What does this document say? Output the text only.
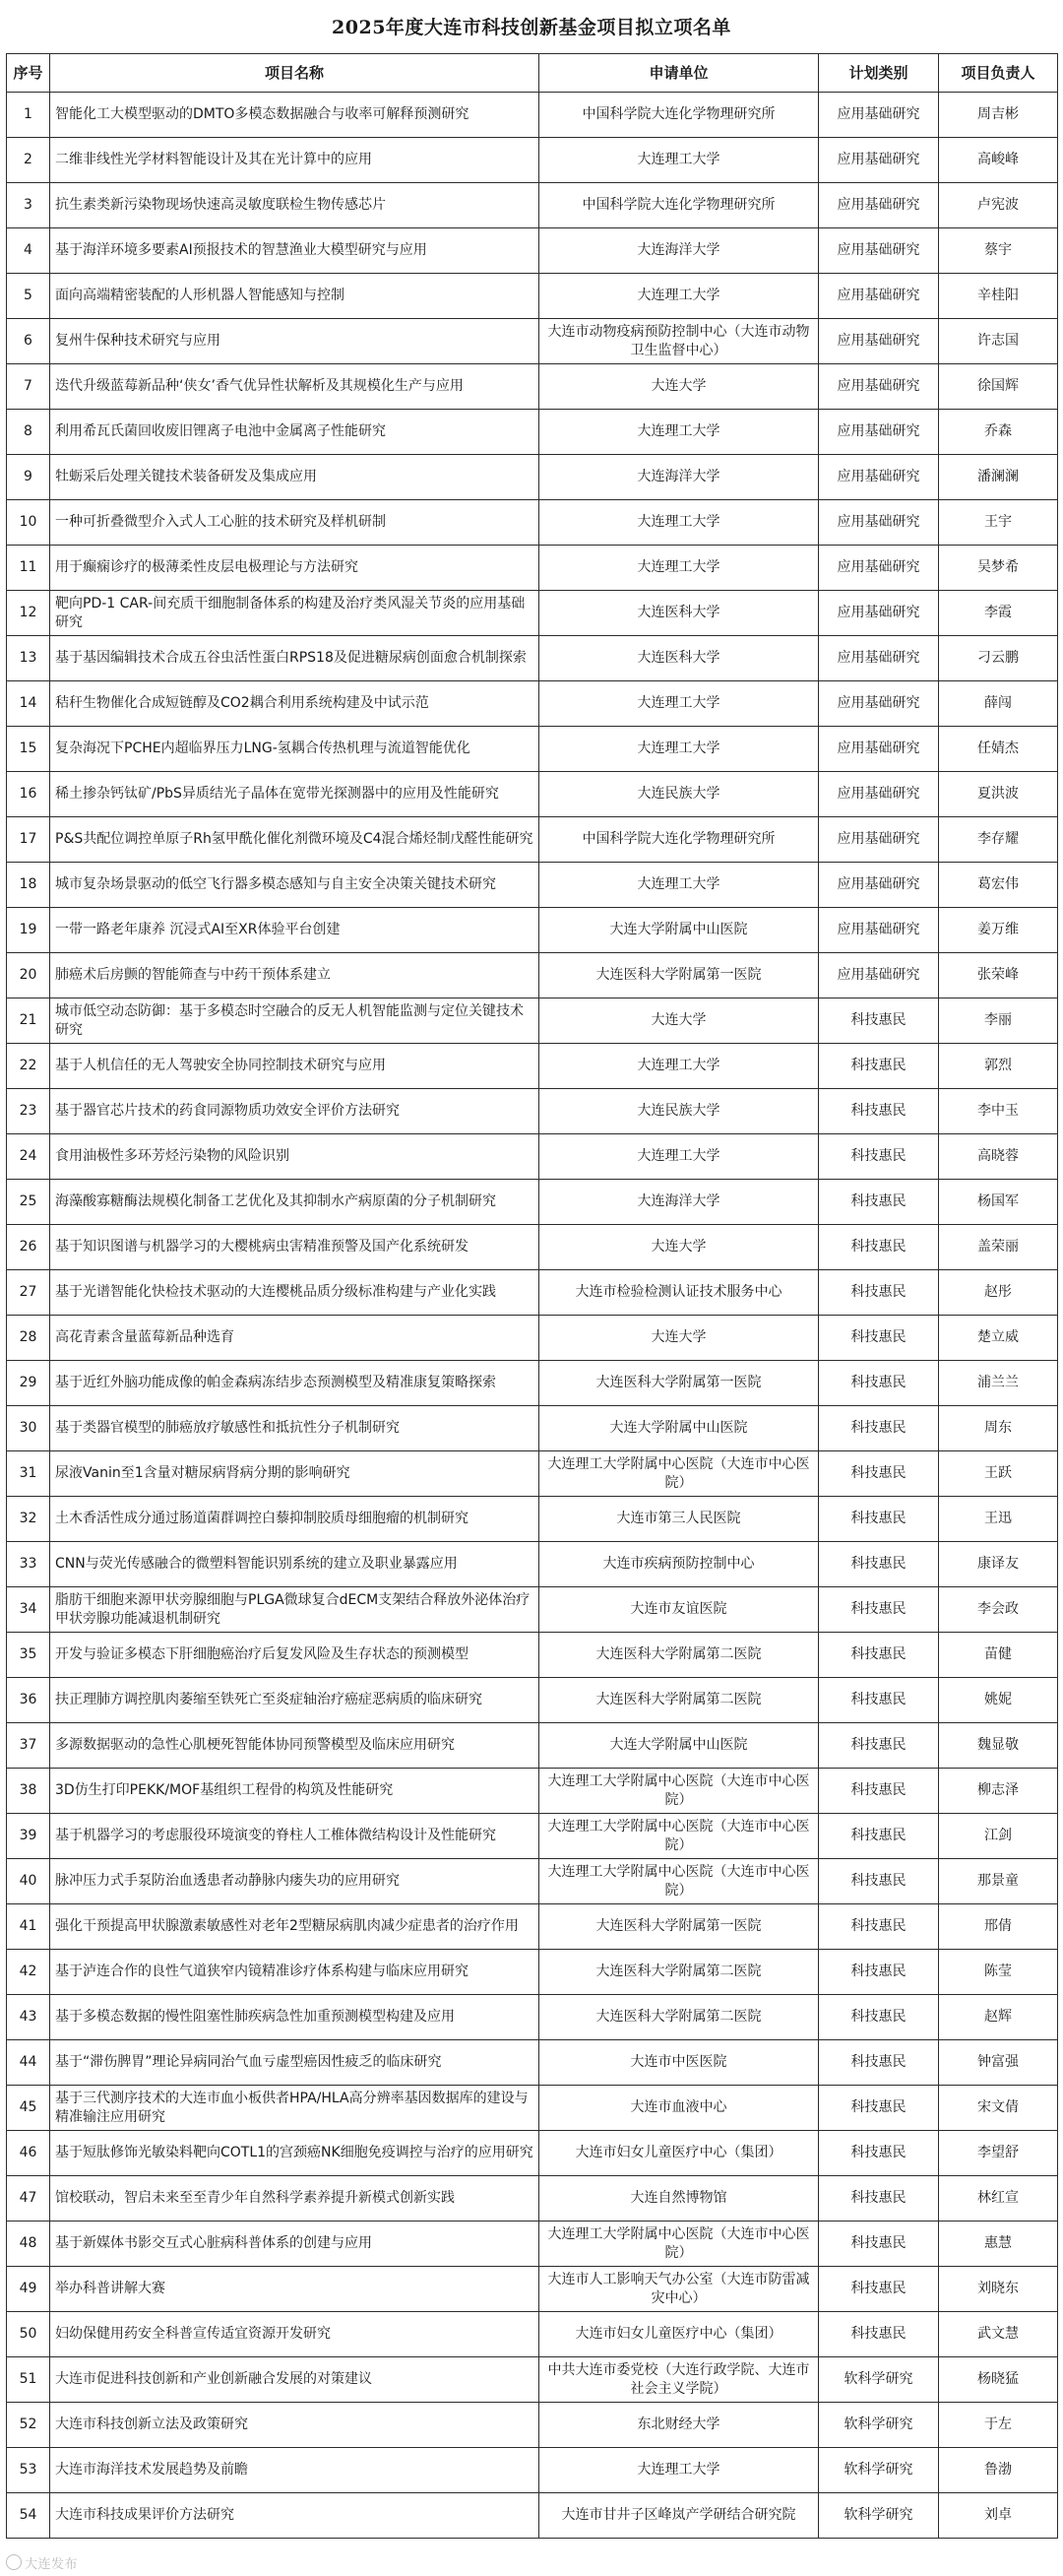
2025年度大连市科技创新基金项目拟立项名单
序号	项目名称	申请单位	计划类别	项目负责人
1	智能化工大模型驱动的DMTO多模态数据融合与收率可解释预测研究	中国科学院大连化学物理研究所	应用基础研究	周吉彬
2	二维非线性光学材料智能设计及其在光计算中的应用	大连理工大学	应用基础研究	高峻峰
3	抗生素类新污染物现场快速高灵敏度联检生物传感芯片	中国科学院大连化学物理研究所	应用基础研究	卢宪波
4	基于海洋环境多要素AI预报技术的智慧渔业大模型研究与应用	大连海洋大学	应用基础研究	蔡宇
5	面向高端精密装配的人形机器人智能感知与控制	大连理工大学	应用基础研究	辛桂阳
6	复州牛保种技术研究与应用	大连市动物疫病预防控制中心（大连市动物卫生监督中心）	应用基础研究	许志国
7	迭代升级蓝莓新品种‘侠女’香气优异性状解析及其规模化生产与应用	大连大学	应用基础研究	徐国辉
8	利用希瓦氏菌回收废旧锂离子电池中金属离子性能研究	大连理工大学	应用基础研究	乔森
9	牡蛎采后处理关键技术装备研发及集成应用	大连海洋大学	应用基础研究	潘澜澜
10	一种可折叠微型介入式人工心脏的技术研究及样机研制	大连理工大学	应用基础研究	王宇
11	用于癫痫诊疗的极薄柔性皮层电极理论与方法研究	大连理工大学	应用基础研究	吴梦希
12	靶向PD-1 CAR-间充质干细胞制备体系的构建及治疗类风湿关节炎的应用基础研究	大连医科大学	应用基础研究	李霞
13	基于基因编辑技术合成五谷虫活性蛋白RPS18及促进糖尿病创面愈合机制探索	大连医科大学	应用基础研究	刁云鹏
14	秸秆生物催化合成短链醇及CO2耦合利用系统构建及中试示范	大连理工大学	应用基础研究	薛闯
15	复杂海况下PCHE内超临界压力LNG-氢耦合传热机理与流道智能优化	大连理工大学	应用基础研究	任婧杰
16	稀土掺杂钙钛矿/PbS异质结光子晶体在宽带光探测器中的应用及性能研究	大连民族大学	应用基础研究	夏洪波
17	P&S共配位调控单原子Rh氢甲酰化催化剂微环境及C4混合烯烃制戊醛性能研究	中国科学院大连化学物理研究所	应用基础研究	李存耀
18	城市复杂场景驱动的低空飞行器多模态感知与自主安全决策关键技术研究	大连理工大学	应用基础研究	葛宏伟
19	一带一路老年康养 沉浸式AI至XR体验平台创建	大连大学附属中山医院	应用基础研究	姜万维
20	肺癌术后房颤的智能筛查与中药干预体系建立	大连医科大学附属第一医院	应用基础研究	张荣峰
21	城市低空动态防御：基于多模态时空融合的反无人机智能监测与定位关键技术研究	大连大学	科技惠民	李丽
22	基于人机信任的无人驾驶安全协同控制技术研究与应用	大连理工大学	科技惠民	郭烈
23	基于器官芯片技术的药食同源物质功效安全评价方法研究	大连民族大学	科技惠民	李中玉
24	食用油极性多环芳烃污染物的风险识别	大连理工大学	科技惠民	高晓蓉
25	海藻酸寡糖酶法规模化制备工艺优化及其抑制水产病原菌的分子机制研究	大连海洋大学	科技惠民	杨国军
26	基于知识图谱与机器学习的大樱桃病虫害精准预警及国产化系统研发	大连大学	科技惠民	盖荣丽
27	基于光谱智能化快检技术驱动的大连樱桃品质分级标准构建与产业化实践	大连市检验检测认证技术服务中心	科技惠民	赵彤
28	高花青素含量蓝莓新品种选育	大连大学	科技惠民	楚立威
29	基于近红外脑功能成像的帕金森病冻结步态预测模型及精准康复策略探索	大连医科大学附属第一医院	科技惠民	浦兰兰
30	基于类器官模型的肺癌放疗敏感性和抵抗性分子机制研究	大连大学附属中山医院	科技惠民	周东
31	尿液Vanin至1含量对糖尿病肾病分期的影响研究	大连理工大学附属中心医院（大连市中心医院）	科技惠民	王跃
32	土木香活性成分通过肠道菌群调控白藜抑制胶质母细胞瘤的机制研究	大连市第三人民医院	科技惠民	王迅
33	CNN与荧光传感融合的微塑料智能识别系统的建立及职业暴露应用	大连市疾病预防控制中心	科技惠民	康译友
34	脂肪干细胞来源甲状旁腺细胞与PLGA微球复合dECM支架结合释放外泌体治疗甲状旁腺功能减退机制研究	大连市友谊医院	科技惠民	李会政
35	开发与验证多模态下肝细胞癌治疗后复发风险及生存状态的预测模型	大连医科大学附属第二医院	科技惠民	苗健
36	扶正理肺方调控肌肉萎缩至铁死亡至炎症轴治疗癌症恶病质的临床研究	大连医科大学附属第二医院	科技惠民	姚妮
37	多源数据驱动的急性心肌梗死智能体协同预警模型及临床应用研究	大连大学附属中山医院	科技惠民	魏显敬
38	3D仿生打印PEKK/MOF基组织工程骨的构筑及性能研究	大连理工大学附属中心医院（大连市中心医院）	科技惠民	柳志泽
39	基于机器学习的考虑服役环境演变的脊柱人工椎体微结构设计及性能研究	大连理工大学附属中心医院（大连市中心医院）	科技惠民	江剑
40	脉冲压力式手泵防治血透患者动静脉内瘘失功的应用研究	大连理工大学附属中心医院（大连市中心医院）	科技惠民	那景童
41	强化干预提高甲状腺激素敏感性对老年2型糖尿病肌肉减少症患者的治疗作用	大连医科大学附属第一医院	科技惠民	邢倩
42	基于泸连合作的良性气道狭窄内镜精准诊疗体系构建与临床应用研究	大连医科大学附属第二医院	科技惠民	陈莹
43	基于多模态数据的慢性阻塞性肺疾病急性加重预测模型构建及应用	大连医科大学附属第二医院	科技惠民	赵辉
44	基于“滞伤脾胃”理论异病同治气血亏虚型癌因性疲乏的临床研究	大连市中医医院	科技惠民	钟富强
45	基于三代测序技术的大连市血小板供者HPA/HLA高分辨率基因数据库的建设与精准输注应用研究	大连市血液中心	科技惠民	宋文倩
46	基于短肽修饰光敏染料靶向COTL1的宫颈癌NK细胞免疫调控与治疗的应用研究	大连市妇女儿童医疗中心（集团）	科技惠民	李望舒
47	馆校联动，智启未来至至青少年自然科学素养提升新模式创新实践	大连自然博物馆	科技惠民	林红宣
48	基于新媒体书影交互式心脏病科普体系的创建与应用	大连理工大学附属中心医院（大连市中心医院）	科技惠民	惠慧
49	举办科普讲解大赛	大连市人工影响天气办公室（大连市防雷减灾中心）	科技惠民	刘晓东
50	妇幼保健用药安全科普宣传适宜资源开发研究	大连市妇女儿童医疗中心（集团）	科技惠民	武文慧
51	大连市促进科技创新和产业创新融合发展的对策建议	中共大连市委党校（大连行政学院、大连市社会主义学院）	软科学研究	杨晓猛
52	大连市科技创新立法及政策研究	东北财经大学	软科学研究	于左
53	大连市海洋技术发展趋势及前瞻	大连理工大学	软科学研究	鲁渤
54	大连市科技成果评价方法研究	大连市甘井子区峰岚产学研结合研究院	软科学研究	刘卓
大连发布
